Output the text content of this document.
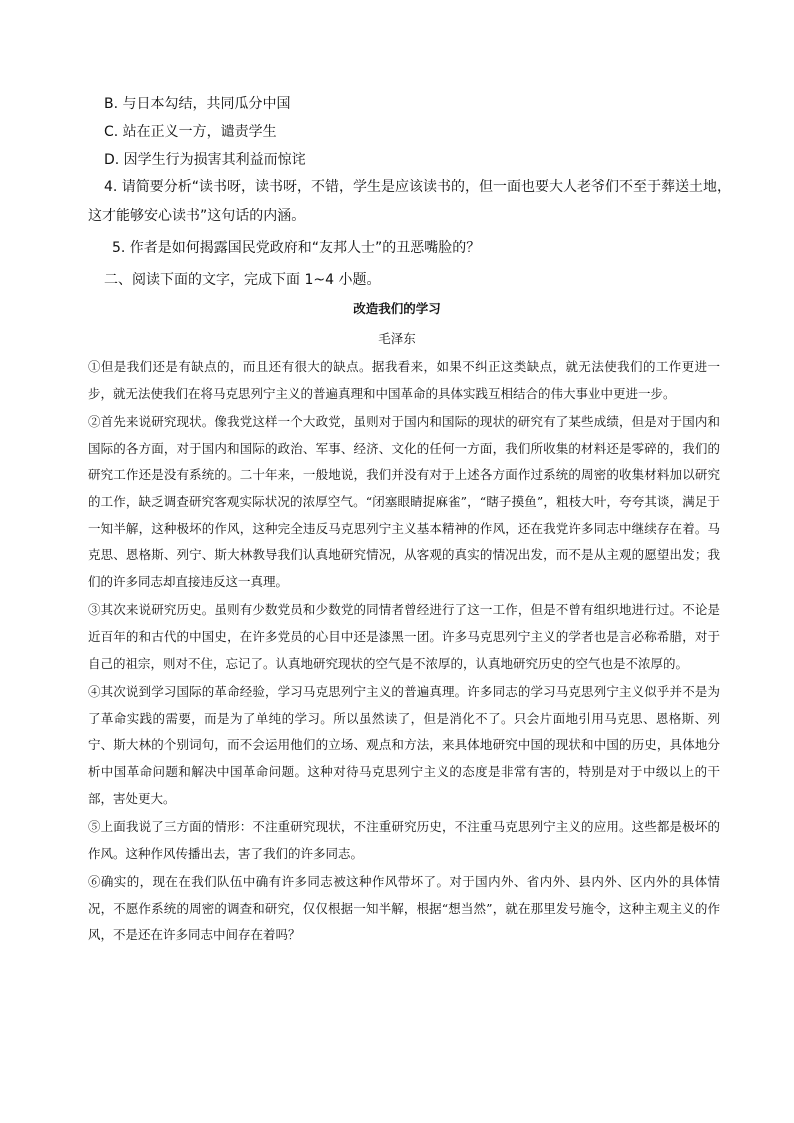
B. 与日本勾结，共同瓜分中国
C. 站在正义一方，谴责学生
D. 因学生行为损害其利益而惊诧
4. 请简要分析“读书呀，读书呀，不错，学生是应该读书的，但一面也要大人老爷们不至于葬送土地，
这才能够安心读书”这句话的内涵。
5. 作者是如何揭露国民党政府和“友邦人士”的丑恶嘴脸的？
二、阅读下面的文字，完成下面 1~4 小题。
改造我们的学习
毛泽东

①但是我们还是有缺点的，而且还有很大的缺点。据我看来，如果不纠正这类缺点，就无法使我们的工作更进一步，就无法使我们在将马克思列宁主义的普遍真理和中国革命的具体实践互相结合的伟大事业中更进一步。

②首先来说研究现状。像我党这样一个大政党，虽则对于国内和国际的现状的研究有了某些成绩，但是对于国内和国际的各方面，对于国内和国际的政治、军事、经济、文化的任何一方面，我们所收集的材料还是零碎的，我们的研究工作还是没有系统的。二十年来，一般地说，我们并没有对于上述各方面作过系统的周密的收集材料加以研究的工作，缺乏调查研究客观实际状况的浓厚空气。“闭塞眼睛捉麻雀”，“瞎子摸鱼”，粗枝大叶，夸夸其谈，满足于一知半解，这种极坏的作风，这种完全违反马克思列宁主义基本精神的作风，还在我党许多同志中继续存在着。马克思、恩格斯、列宁、斯大林教导我们认真地研究情况，从客观的真实的情况出发，而不是从主观的愿望出发；我们的许多同志却直接违反这一真理。

③其次来说研究历史。虽则有少数党员和少数党的同情者曾经进行了这一工作，但是不曾有组织地进行过。不论是近百年的和古代的中国史，在许多党员的心目中还是漆黑一团。许多马克思列宁主义的学者也是言必称希腊，对于自己的祖宗，则对不住，忘记了。认真地研究现状的空气是不浓厚的，认真地研究历史的空气也是不浓厚的。

④其次说到学习国际的革命经验，学习马克思列宁主义的普遍真理。许多同志的学习马克思列宁主义似乎并不是为了革命实践的需要，而是为了单纯的学习。所以虽然读了，但是消化不了。只会片面地引用马克思、恩格斯、列宁、斯大林的个别词句，而不会运用他们的立场、观点和方法，来具体地研究中国的现状和中国的历史，具体地分析中国革命问题和解决中国革命问题。这种对待马克思列宁主义的态度是非常有害的，特别是对于中级以上的干部，害处更大。

⑤上面我说了三方面的情形：不注重研究现状，不注重研究历史，不注重马克思列宁主义的应用。这些都是极坏的作风。这种作风传播出去，害了我们的许多同志。

⑥确实的，现在在我们队伍中确有许多同志被这种作风带坏了。对于国内外、省内外、县内外、区内外的具体情况，不愿作系统的周密的调查和研究，仅仅根据一知半解，根据“想当然”，就在那里发号施令，这种主观主义的作风，不是还在许多同志中间存在着吗？
